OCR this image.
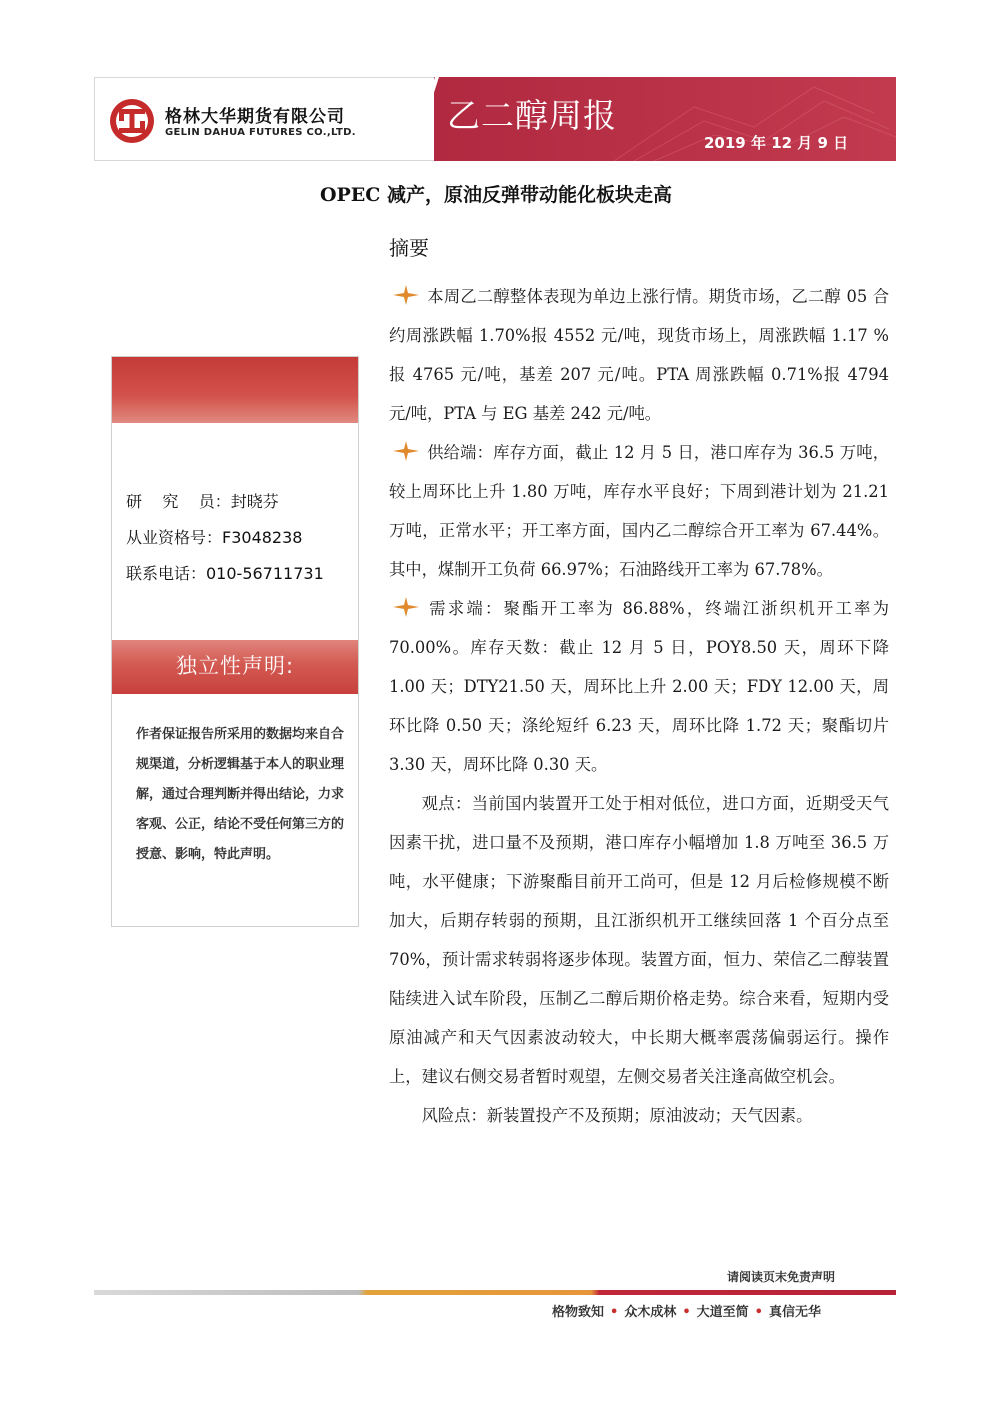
格林大华期货有限公司
GELIN DAHUA FUTURES CO.,LTD.	乙二醇周报
2019 年 12 月 9 日
OPEC 减产，原油反弹带动能化板块走高
研    究    员：封晓芬
从业资格号：F3048238
联系电话：010-56711731
独立性声明:
作者保证报告所采用的数据均来自合规渠道，分析逻辑基于本人的职业理解，通过合理判断并得出结论，力求客观、公正，结论不受任何第三方的授意、影响，特此声明。
摘要

本周乙二醇整体表现为单边上涨行情。期货市场，乙二醇 05 合约周涨跌幅 1.70%报 4552 元/吨，现货市场上，周涨跌幅 1.17 %报 4765 元/吨，基差 207 元/吨。PTA 周涨跌幅 0.71%报 4794 元/吨，PTA 与 EG 基差 242 元/吨。

供给端：库存方面，截止 12 月 5 日，港口库存为 36.5 万吨，较上周环比上升 1.80 万吨，库存水平良好；下周到港计划为 21.21 万吨，正常水平；开工率方面，国内乙二醇综合开工率为 67.44%。其中，煤制开工负荷 66.97%；石油路线开工率为 67.78%。

需求端：聚酯开工率为 86.88%，终端江浙织机开工率为 70.00%。库存天数：截止 12 月 5 日，POY8.50 天，周环下降 1.00 天；DTY21.50 天，周环比上升 2.00 天；FDY 12.00 天，周环比降 0.50 天；涤纶短纤 6.23 天，周环比降 1.72 天；聚酯切片 3.30 天，周环比降 0.30 天。

观点：当前国内装置开工处于相对低位，进口方面，近期受天气因素干扰，进口量不及预期，港口库存小幅增加 1.8 万吨至 36.5 万吨，水平健康；下游聚酯目前开工尚可，但是 12 月后检修规模不断加大，后期存转弱的预期，且江浙织机开工继续回落 1 个百分点至 70%，预计需求转弱将逐步体现。装置方面，恒力、荣信乙二醇装置陆续进入试车阶段，压制乙二醇后期价格走势。综合来看，短期内受原油减产和天气因素波动较大，中长期大概率震荡偏弱运行。操作上，建议右侧交易者暂时观望，左侧交易者关注逢高做空机会。

风险点：新装置投产不及预期；原油波动；天气因素。

请阅读页末免责声明
格物致知 • 众木成林 • 大道至简 • 真信无华
